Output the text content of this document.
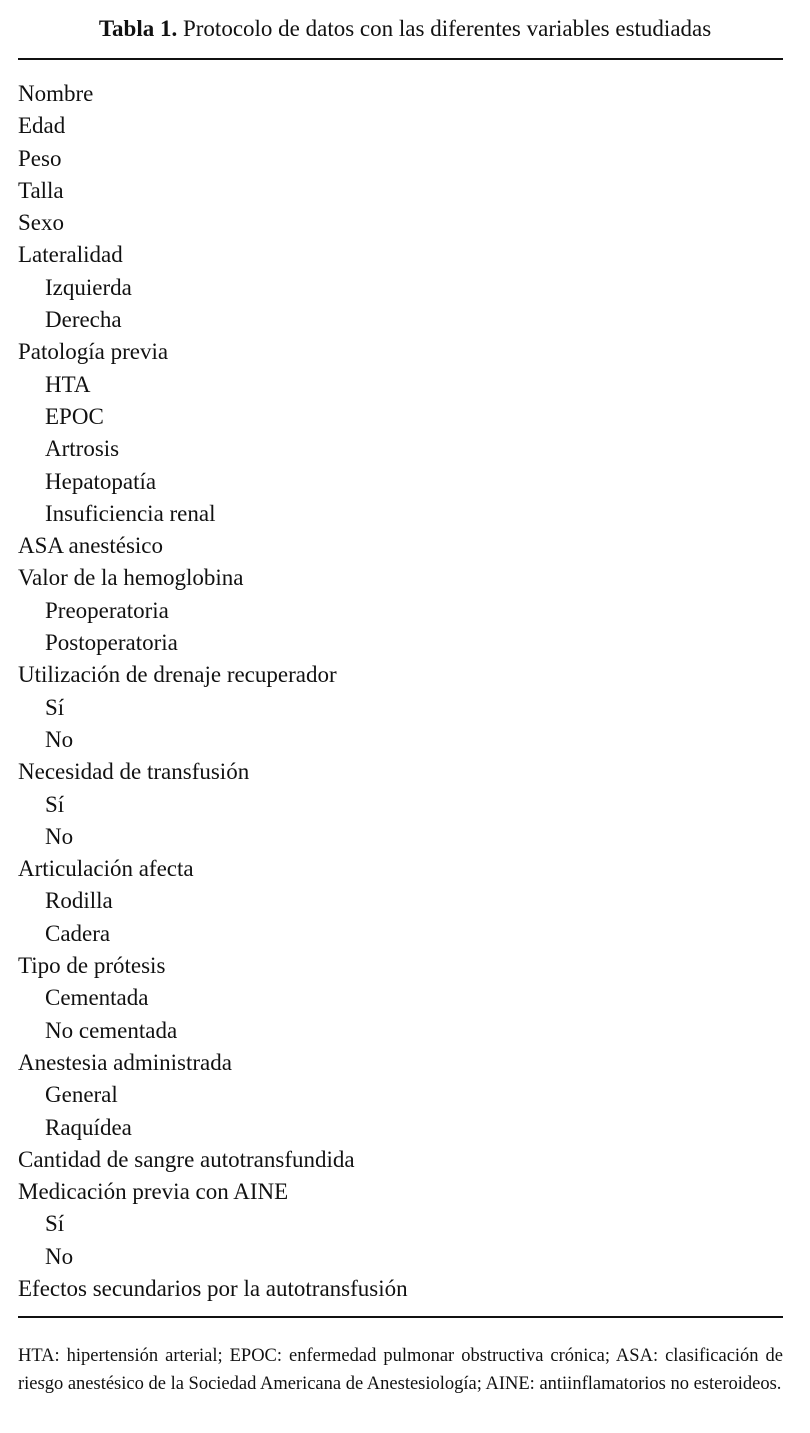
Tabla 1. Protocolo de datos con las diferentes variables estudiadas
Nombre
Edad
Peso
Talla
Sexo
Lateralidad
Izquierda
Derecha
Patología previa
HTA
EPOC
Artrosis
Hepatopatía
Insuficiencia renal
ASA anestésico
Valor de la hemoglobina
Preoperatoria
Postoperatoria
Utilización de drenaje recuperador
Sí
No
Necesidad de transfusión
Sí
No
Articulación afecta
Rodilla
Cadera
Tipo de prótesis
Cementada
No cementada
Anestesia administrada
General
Raquídea
Cantidad de sangre autotransfundida
Medicación previa con AINE
Sí
No
Efectos secundarios por la autotransfusión
HTA: hipertensión arterial; EPOC: enfermedad pulmonar obstructiva crónica; ASA: clasificación de riesgo anestésico de la Sociedad Americana de Anestesiología; AINE: antiinflamatorios no esteroideos.
